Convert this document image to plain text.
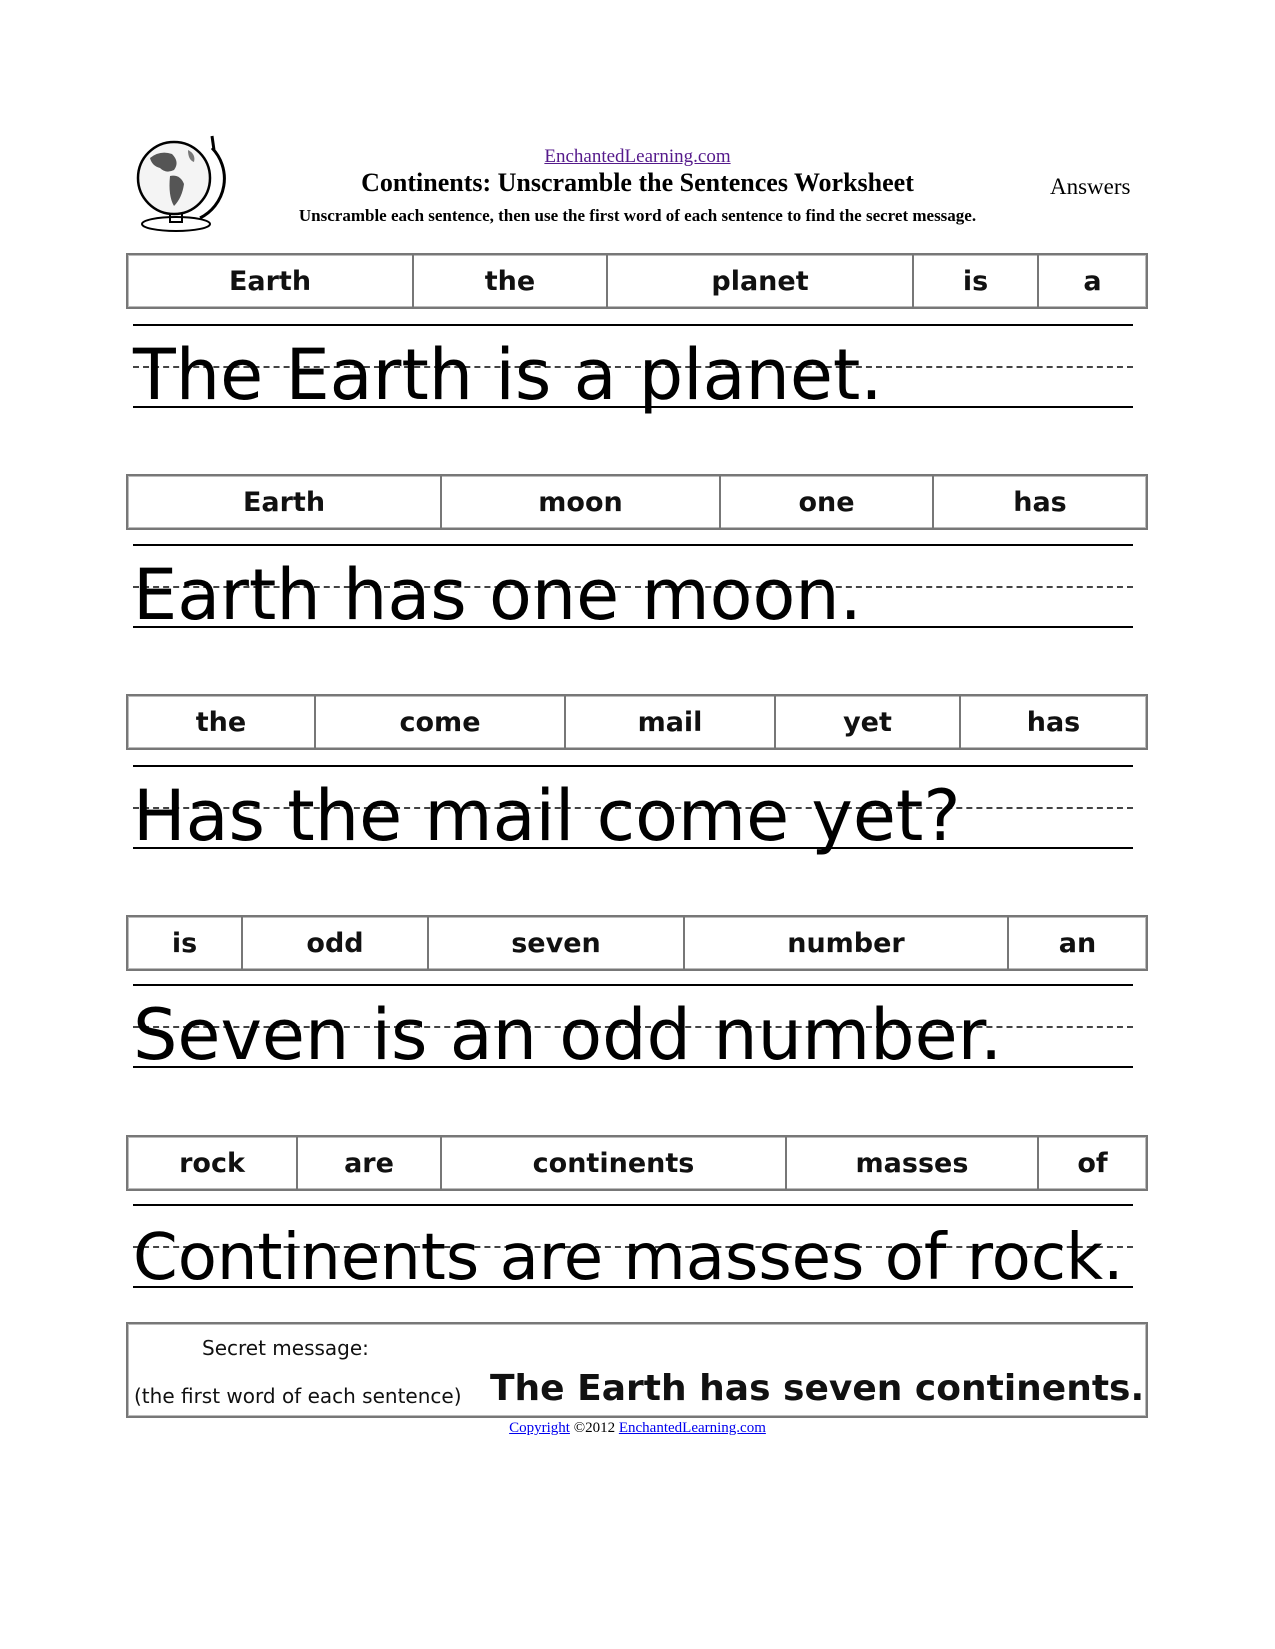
EnchantedLearning.com
Continents: Unscramble the Sentences Worksheet	Answers
Unscramble each sentence, then use the first word of each sentence to find the secret message.
Earth	the	planet	is	a
The Earth is a planet.
Earth	moon	one	has
Earth has one moon.
the	come	mail	yet	has
Has the mail come yet?
is	odd	seven	number	an
Seven is an odd number.
rock	are	continents	masses	of
Continents are masses of rock.
Secret message:
(the first word of each sentence) The Earth has seven continents.
Copyright ©2012 EnchantedLearning.com
